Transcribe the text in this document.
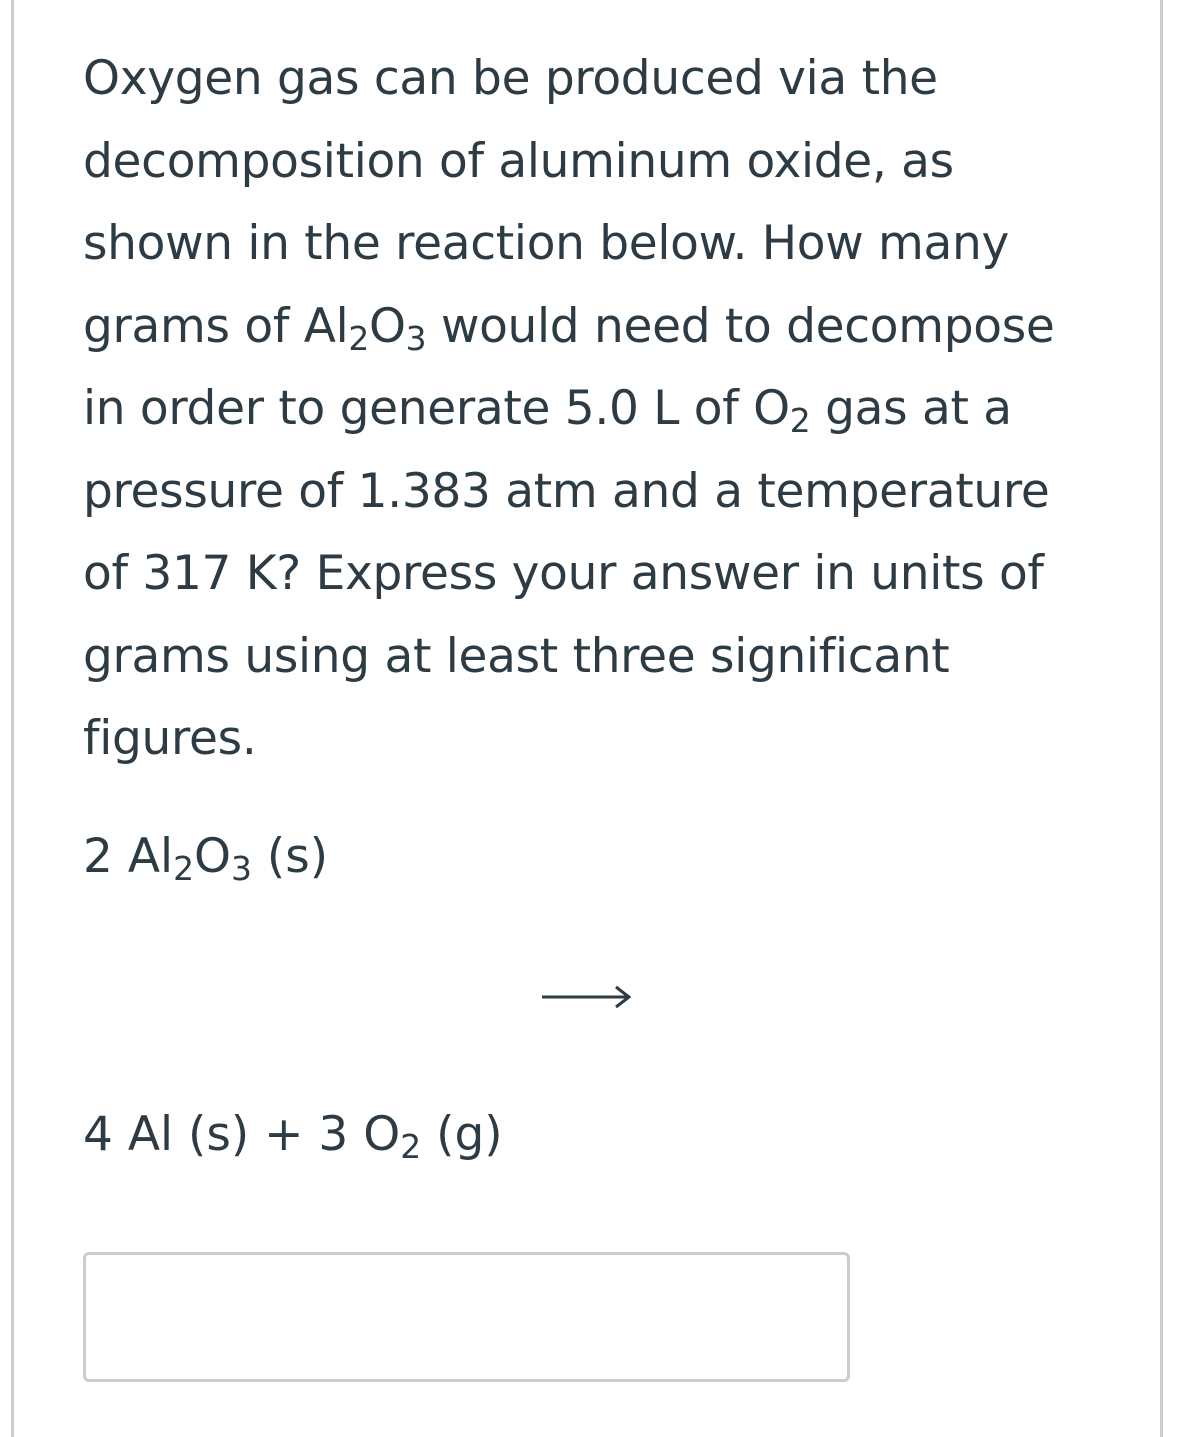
Oxygen gas can be produced via the
decomposition of aluminum oxide, as
shown in the reaction below. How many
grams of $Al_2O_3$ would need to decompose
in order to generate 5.0 L of $O_2$ gas at a
pressure of 1.383 atm and a temperature
of 317 K? Express your answer in units of
grams using at least three significant
figures.
2 $Al_2O_3$ (s)
4 Al (s) + 3 $O_2$ (g)
